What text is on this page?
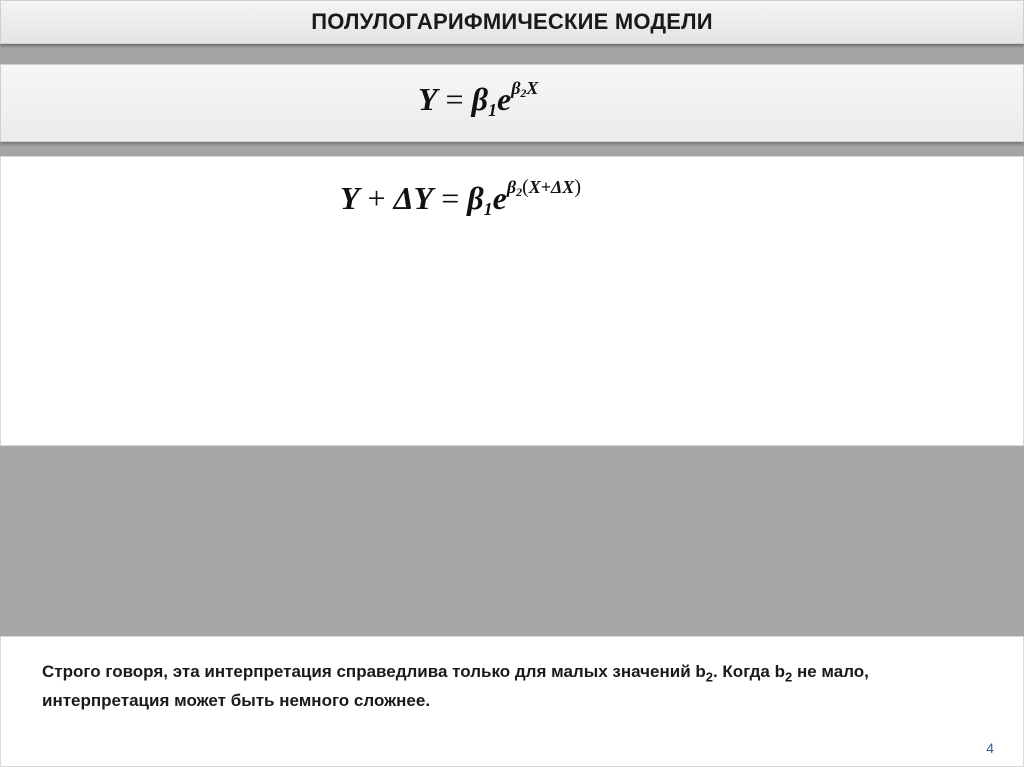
ПОЛУЛОГАРИФМИЧЕСКИЕ МОДЕЛИ
Y = β1eβ2X
Y + ΔY = β1eβ2(X+ΔX)
Строго говоря, эта интерпретация справедлива только для малых значений $b_2$. Когда $b_2$ не мало, интерпретация может быть немного сложнее.
4
